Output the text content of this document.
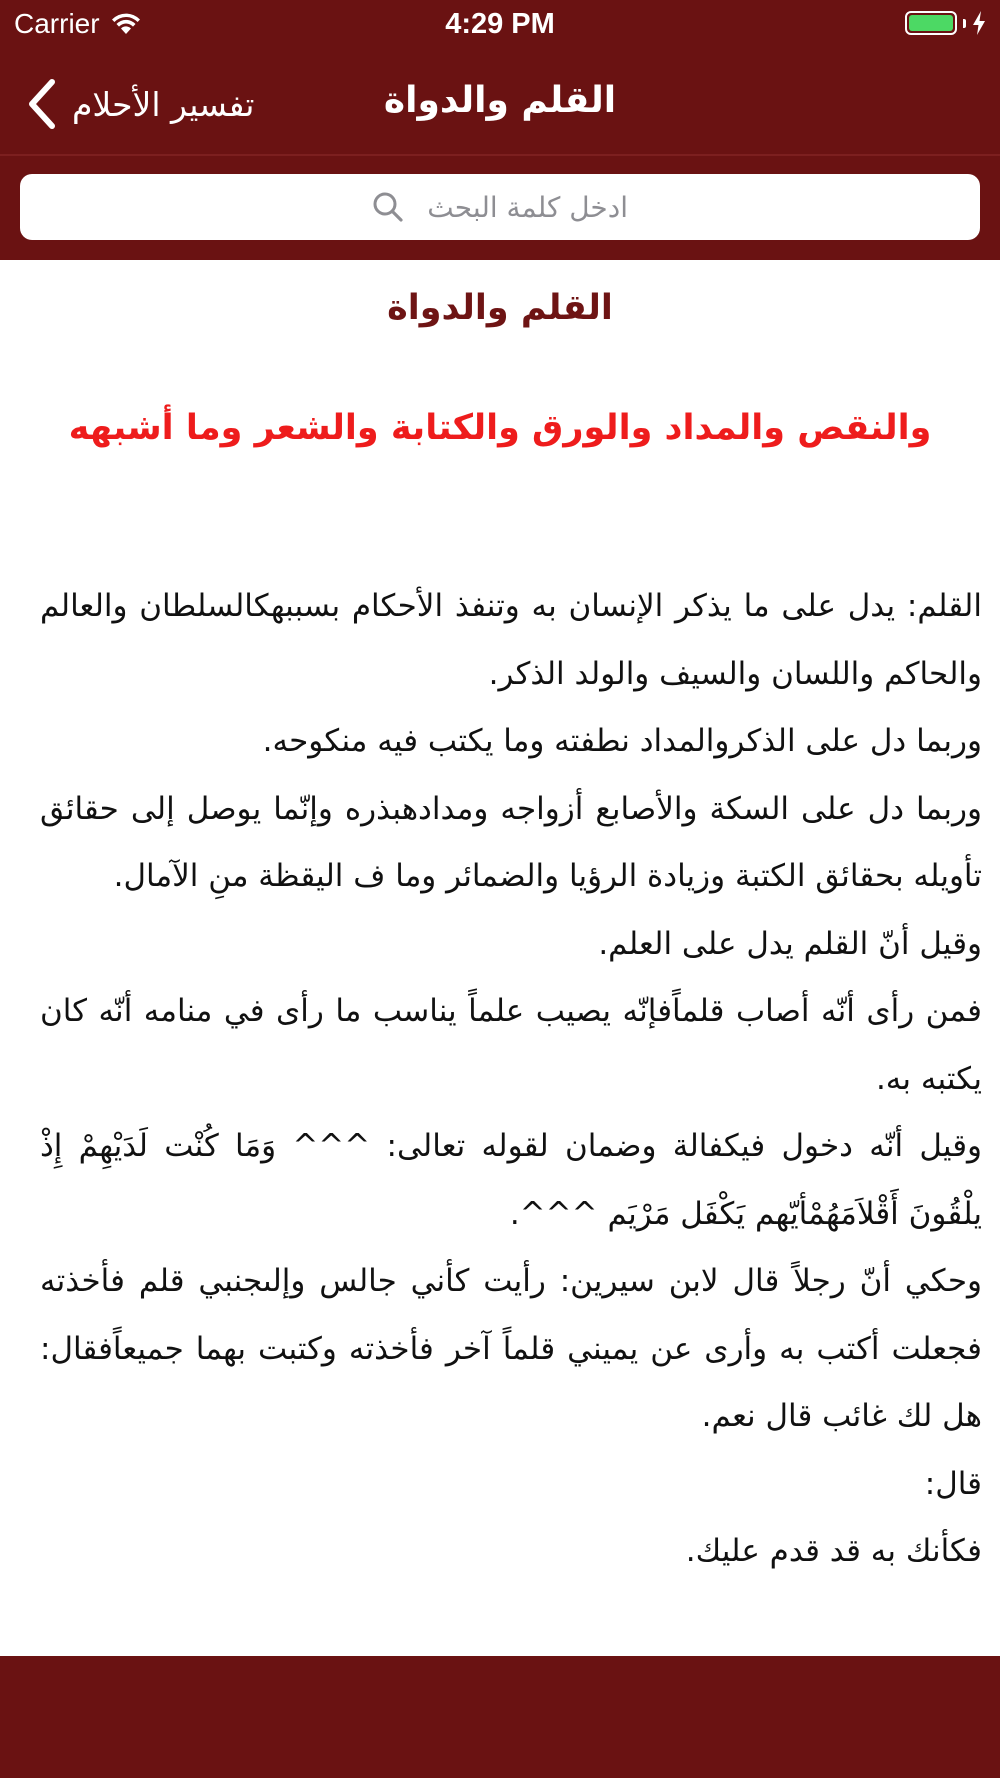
Carrier	4:29 PM
تفسير الأحلام	القلم والدواة
ادخل كلمة البحث
القلم والدواة
والنقص والمداد والورق والكتابة والشعر وما أشبهه

القلم: يدل على ما يذكر الإنسان به وتنفذ الأحكام بسببهكالسلطان والعالم والحاكم واللسان والسيف والولد الذكر.

وربما دل على الذكروالمداد نطفته وما يكتب فيه منكوحه.

وربما دل على السكة والأصابع أزواجه ومدادهبذره وإنّما يوصل إلى حقائق تأويله بحقائق الكتبة وزيادة الرؤيا والضمائر وما ف اليقظة منِ الآمال.

وقيل أنّ القلم يدل على العلم.

فمن رأى أنّه أصاب قلماًفإنّه يصيب علماً يناسب ما رأى في منامه أنّه كان يكتبه به.

وقيل أنّه دخول فيكفالة وضمان لقوله تعالى: ^^^ وَمَا كُنْت لَدَيْهِمْ إِذْ يلْقُونَ أَقْلاَمَهُمْأيّهم يَكْفَل مَرْيَم ^^^.

وحكي أنّ رجلاً قال لابن سيرين: رأيت كأني جالس وإلىجنبي قلم فأخذته فجعلت أكتب به وأرى عن يميني قلماً آخر فأخذته وكتبت بهما جميعاًفقال: هل لك غائب قال نعم.

قال:

فكأنك به قد قدم عليك.
